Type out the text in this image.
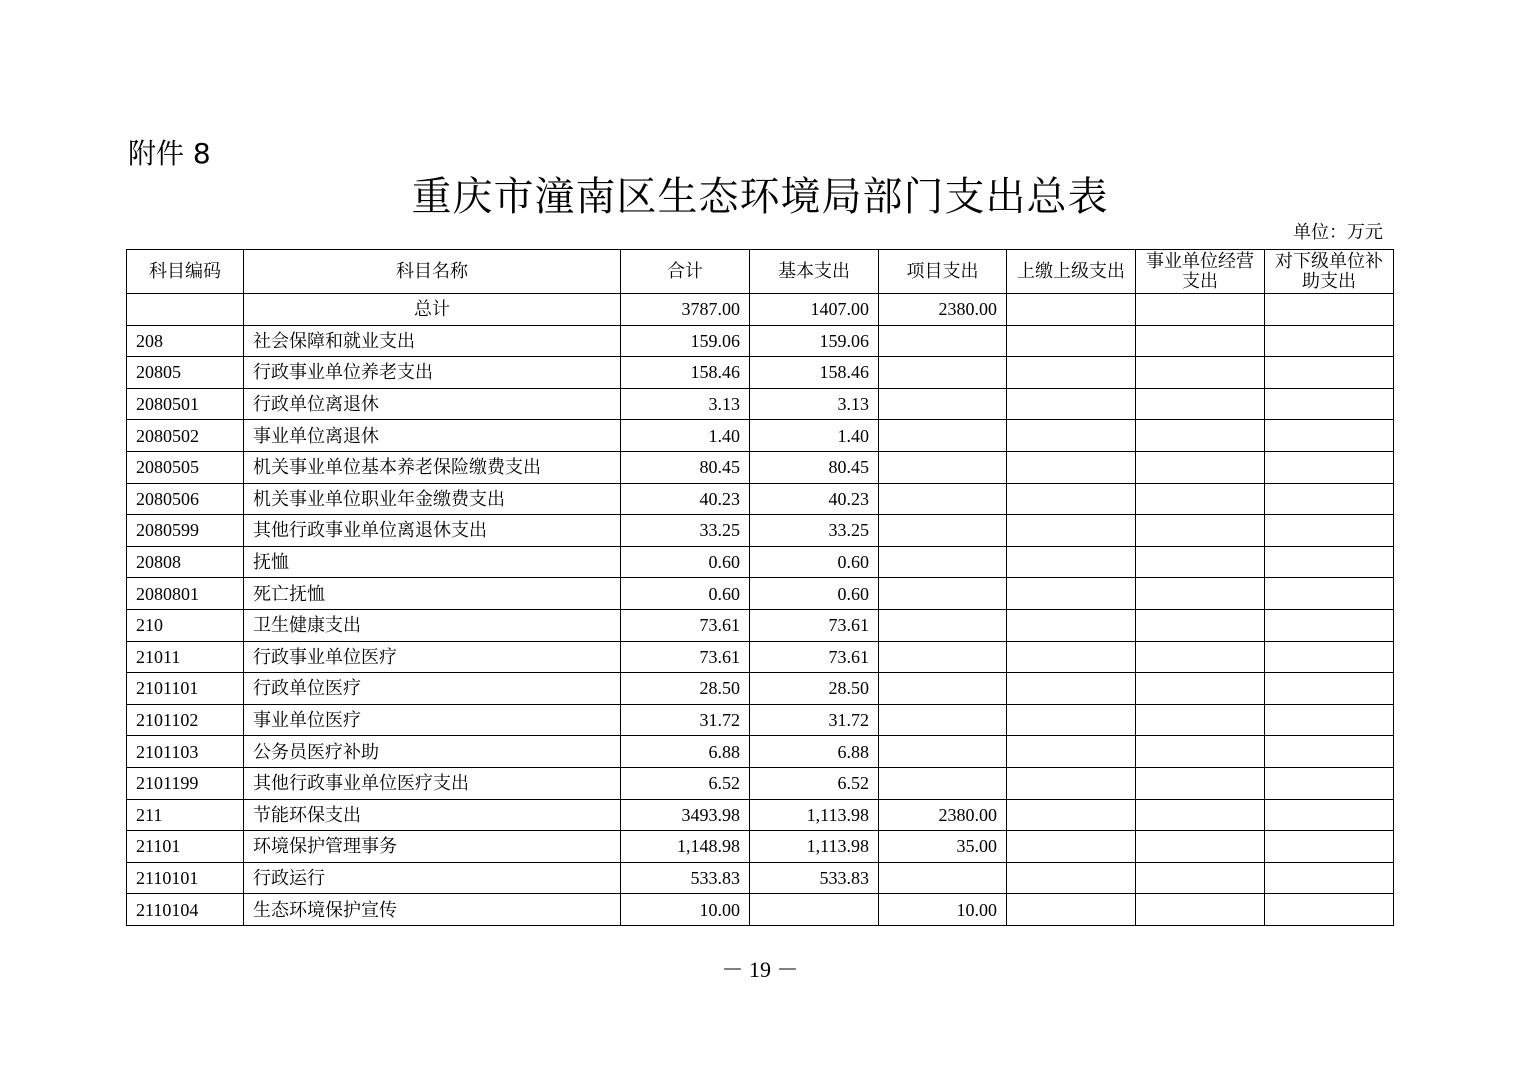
附件 8
重庆市潼南区生态环境局部门支出总表
单位：万元
科目编码	科目名称	合计	基本支出	项目支出	上缴上级支出	事业单位经营支出	对下级单位补助支出
	总计	3787.00	1407.00	2380.00			
208	社会保障和就业支出	159.06	159.06				
20805	行政事业单位养老支出	158.46	158.46				
2080501	行政单位离退休	3.13	3.13				
2080502	事业单位离退休	1.40	1.40				
2080505	机关事业单位基本养老保险缴费支出	80.45	80.45				
2080506	机关事业单位职业年金缴费支出	40.23	40.23				
2080599	其他行政事业单位离退休支出	33.25	33.25				
20808	抚恤	0.60	0.60				
2080801	死亡抚恤	0.60	0.60				
210	卫生健康支出	73.61	73.61				
21011	行政事业单位医疗	73.61	73.61				
2101101	行政单位医疗	28.50	28.50				
2101102	事业单位医疗	31.72	31.72				
2101103	公务员医疗补助	6.88	6.88				
2101199	其他行政事业单位医疗支出	6.52	6.52				
211	节能环保支出	3493.98	1,113.98	2380.00			
21101	环境保护管理事务	1,148.98	1,113.98	35.00			
2110101	行政运行	533.83	533.83				
2110104	生态环境保护宣传	10.00		10.00			
－ 19 －
